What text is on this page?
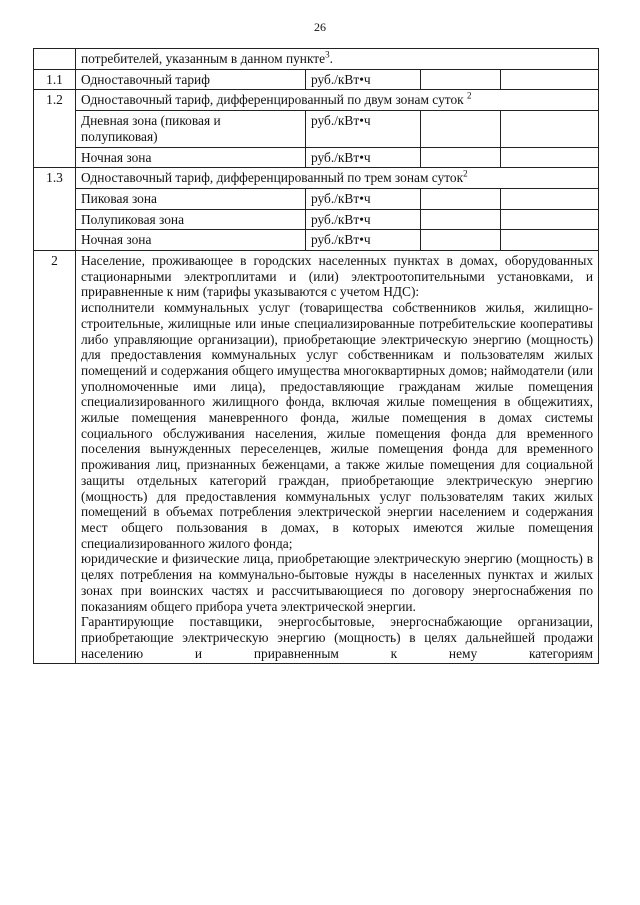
26
	потребителей, указанным в данном пункте$^3$.			
1.1	Одноставочный тариф	руб./кВт•ч		
1.2	Одноставочный тариф, дифференцированный по двум зонам суток $^2$
	Дневная зона (пиковая и полупиковая)	руб./кВт•ч		
	Ночная зона	руб./кВт•ч		
1.3	Одноставочный тариф, дифференцированный по трем зонам суток$^2$
	Пиковая зона	руб./кВт•ч		
	Полупиковая зона	руб./кВт•ч		
	Ночная зона	руб./кВт•ч		
2	Население, проживающее в городских населенных пунктах в домах, оборудованных стационарными электроплитами и (или) электроотопительными установками, и приравненные к ним (тарифы указываются с учетом НДС):
исполнители коммунальных услуг (товарищества собственников жилья, жилищно-строительные, жилищные или иные специализированные потребительские кооперативы либо управляющие организации), приобретающие электрическую энергию (мощность) для предоставления коммунальных услуг собственникам и пользователям жилых помещений и содержания общего имущества многоквартирных домов; наймодатели (или уполномоченные ими лица), предоставляющие гражданам жилые помещения специализированного жилищного фонда, включая жилые помещения в общежитиях, жилые помещения маневренного фонда, жилые помещения в домах системы социального обслуживания населения, жилые помещения фонда для временного поселения вынужденных переселенцев, жилые помещения фонда для временного проживания лиц, признанных беженцами, а также жилые помещения для социальной защиты отдельных категорий граждан, приобретающие электрическую энергию (мощность) для предоставления коммунальных услуг пользователям таких жилых помещений в объемах потребления электрической энергии населением и содержания мест общего пользования в домах, в которых имеются жилые помещения специализированного жилого фонда;
юридические и физические лица, приобретающие электрическую энергию (мощность) в целях потребления на коммунально-бытовые нужды в населенных пунктах и жилых зонах при воинских частях и рассчитывающиеся по договору энергоснабжения по показаниям общего прибора учета электрической энергии.
Гарантирующие поставщики, энергосбытовые, энергоснабжающие организации, приобретающие электрическую энергию (мощность) в целях дальнейшей продажи населению и приравненным к нему категориям			
